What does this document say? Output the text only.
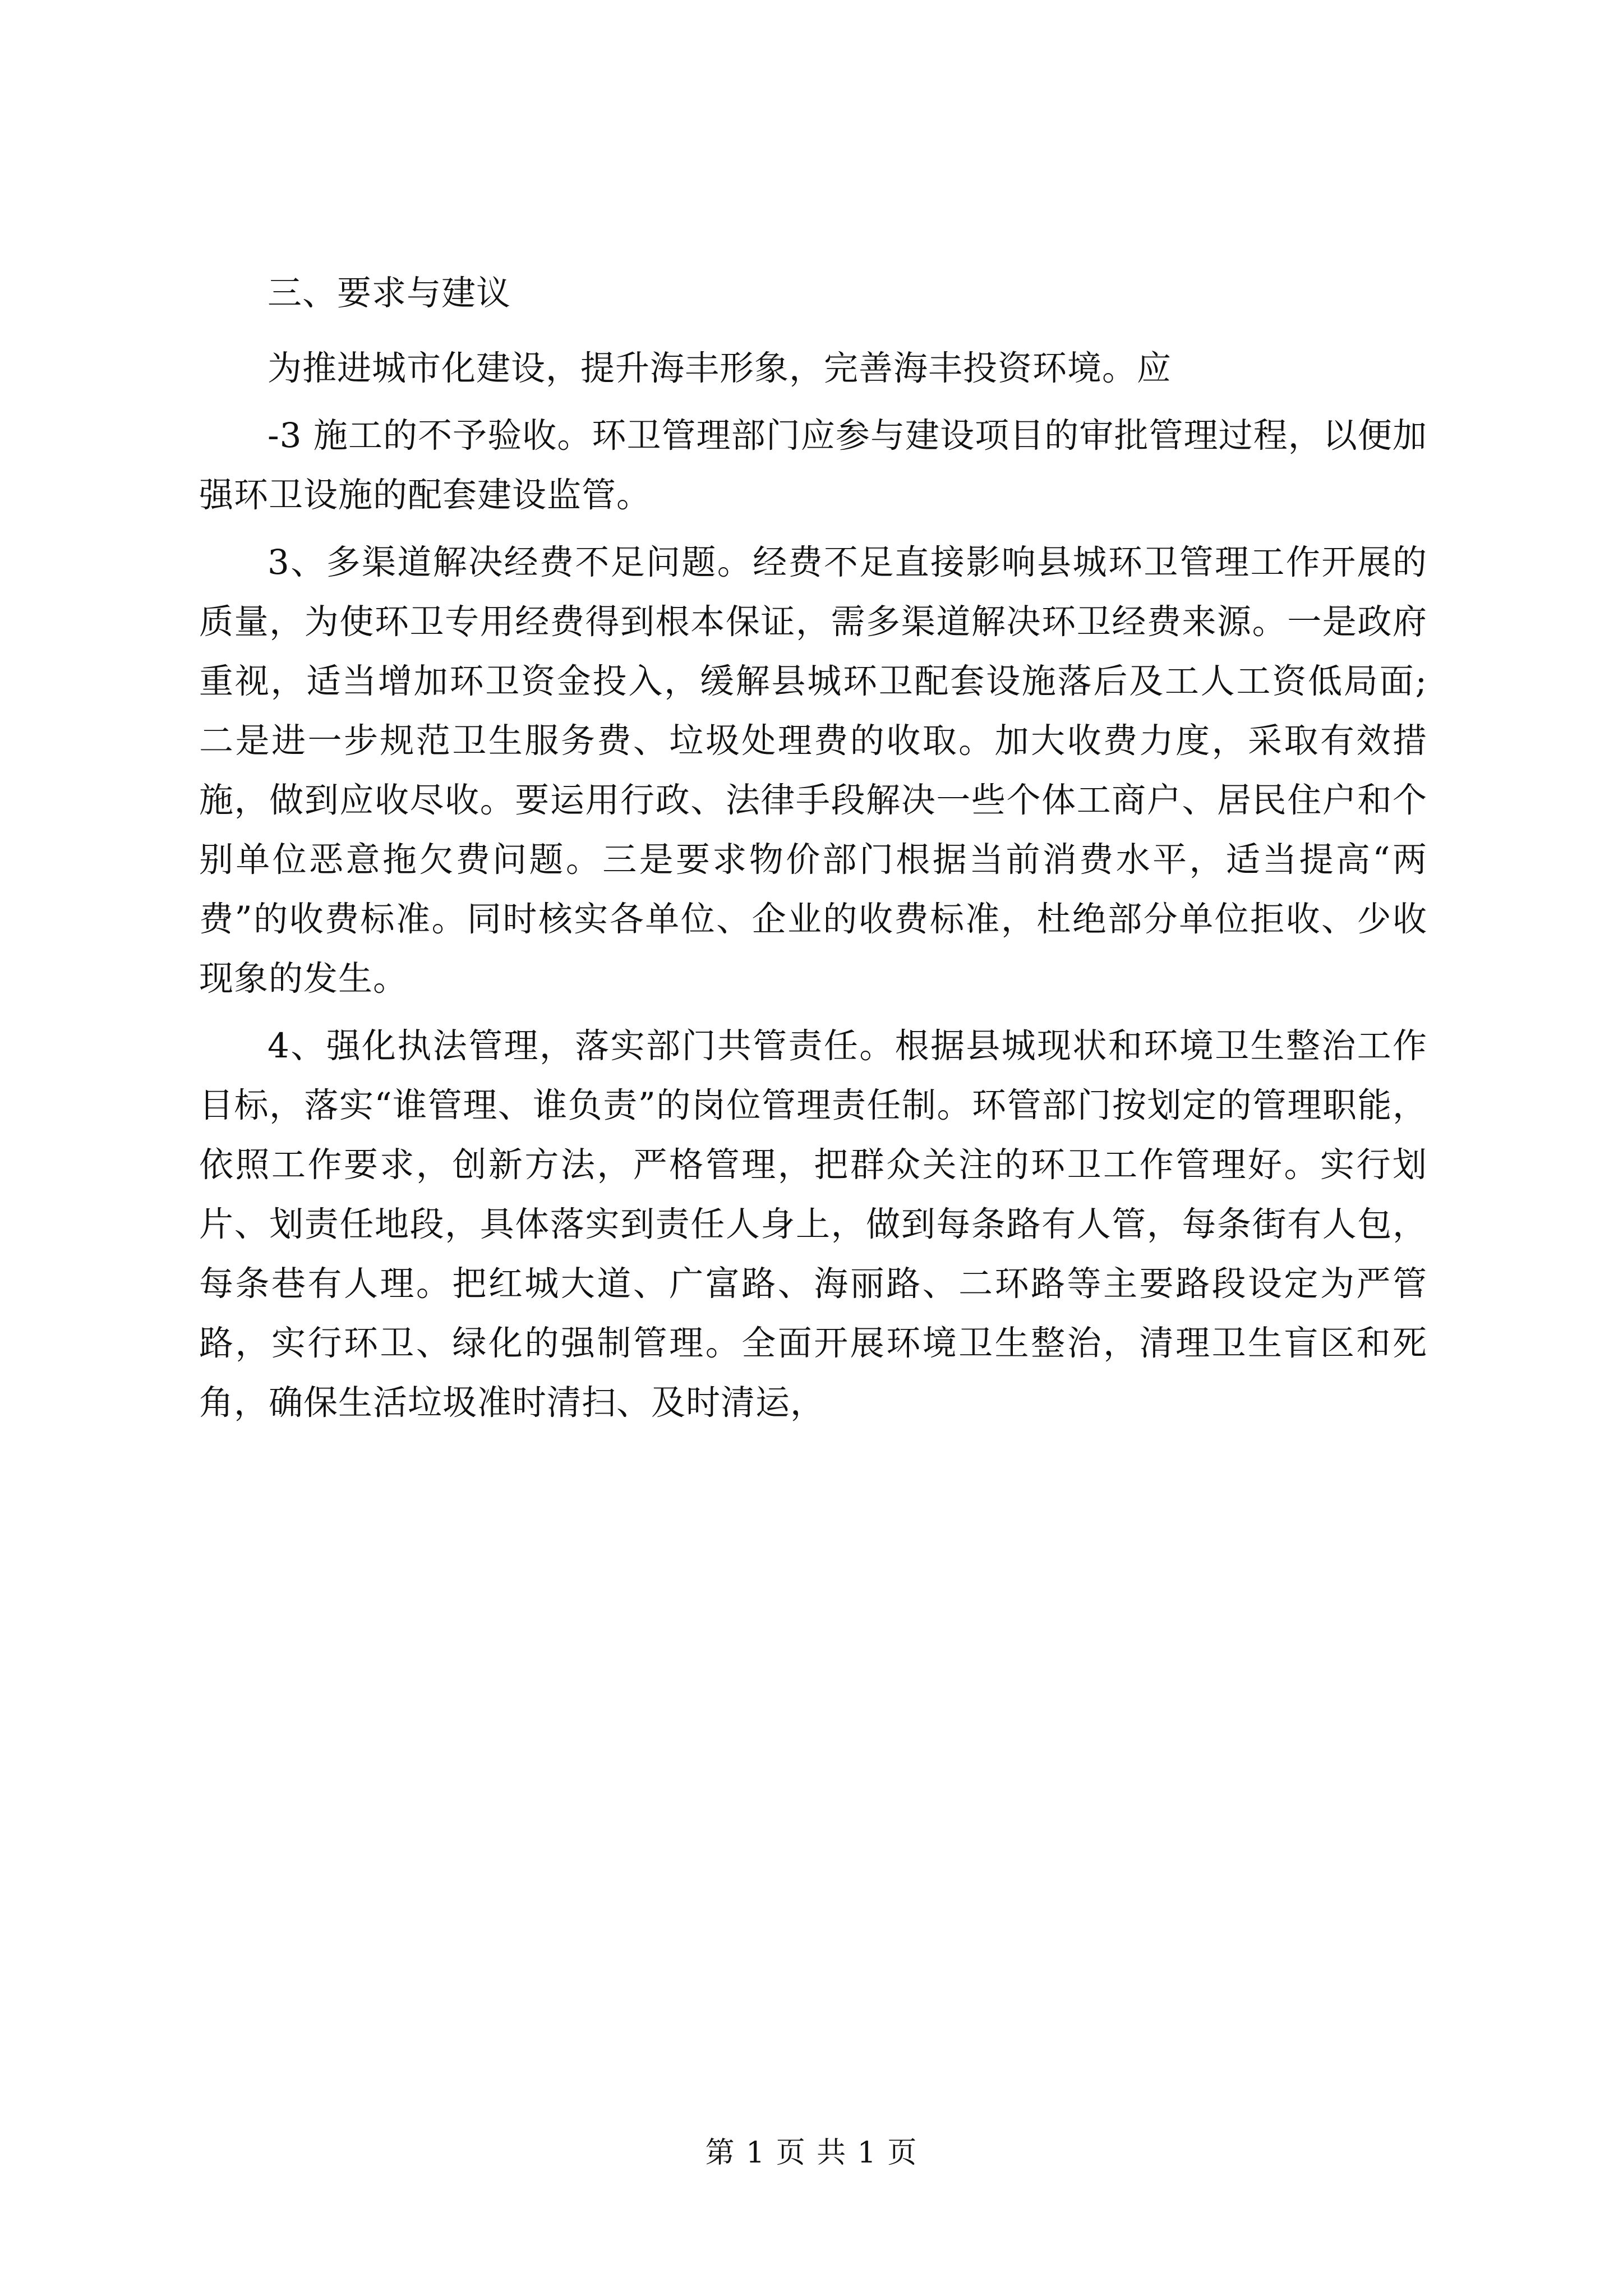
三、要求与建议

为推进城市化建设，提升海丰形象，完善海丰投资环境。应

-3 施工的不予验收。环卫管理部门应参与建设项目的审批管理过程，以便加强环卫设施的配套建设监管。

3、多渠道解决经费不足问题。经费不足直接影响县城环卫管理工作开展的质量，为使环卫专用经费得到根本保证，需多渠道解决环卫经费来源。一是政府重视，适当增加环卫资金投入，缓解县城环卫配套设施落后及工人工资低局面; 二是进一步规范卫生服务费、垃圾处理费的收取。加大收费力度，采取有效措施，做到应收尽收。要运用行政、法律手段解决一些个体工商户、居民住户和个别单位恶意拖欠费问题。三是要求物价部门根据当前消费水平，适当提高“两费”的收费标准。同时核实各单位、企业的收费标准，杜绝部分单位拒收、少收现象的发生。

4、强化执法管理，落实部门共管责任。根据县城现状和环境卫生整治工作目标，落实“谁管理、谁负责”的岗位管理责任制。环管部门按划定的管理职能，依照工作要求，创新方法，严格管理，把群众关注的环卫工作管理好。实行划片、划责任地段，具体落实到责任人身上，做到每条路有人管，每条街有人包，每条巷有人理。把红城大道、广富路、海丽路、二环路等主要路段设定为严管路，实行环卫、绿化的强制管理。全面开展环境卫生整治，清理卫生盲区和死角，确保生活垃圾准时清扫、及时清运，

第 1 页 共 1 页
